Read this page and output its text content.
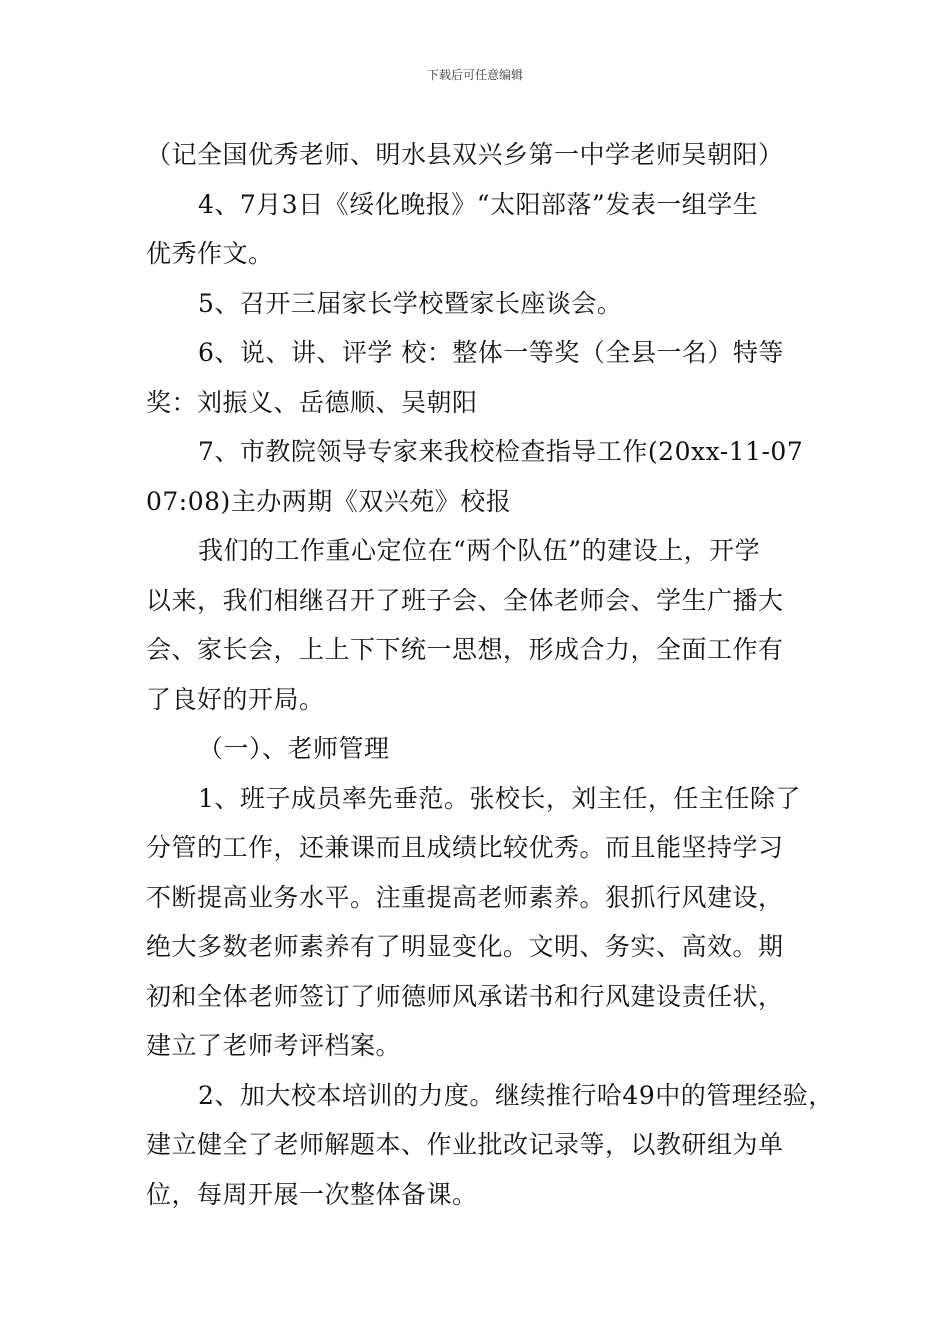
下载后可任意编辑
（记全国优秀老师、明水县双兴乡第一中学老师吴朝阳）
4、7月3日《绥化晚报》“太阳部落”发表一组学生
优秀作文。
5、召开三届家长学校暨家长座谈会。
6、说、讲、评学 校：整体一等奖（全县一名）特等
奖：刘振义、岳德顺、吴朝阳
7、市教院领导专家来我校检查指导工作(20xx-11-07
07:08)主办两期《双兴苑》校报
我们的工作重心定位在“两个队伍”的建设上，开学
以来，我们相继召开了班子会、全体老师会、学生广播大
会、家长会，上上下下统一思想，形成合力，全面工作有
了良好的开局。
（一）、老师管理
1、班子成员率先垂范。张校长，刘主任，任主任除了
分管的工作，还兼课而且成绩比较优秀。而且能坚持学习
不断提高业务水平。注重提高老师素养。狠抓行风建设，
绝大多数老师素养有了明显变化。文明、务实、高效。期
初和全体老师签订了师德师风承诺书和行风建设责任状，
建立了老师考评档案。
2、加大校本培训的力度。继续推行哈49中的管理经验，
建立健全了老师解题本、作业批改记录等，以教研组为单
位，每周开展一次整体备课。
